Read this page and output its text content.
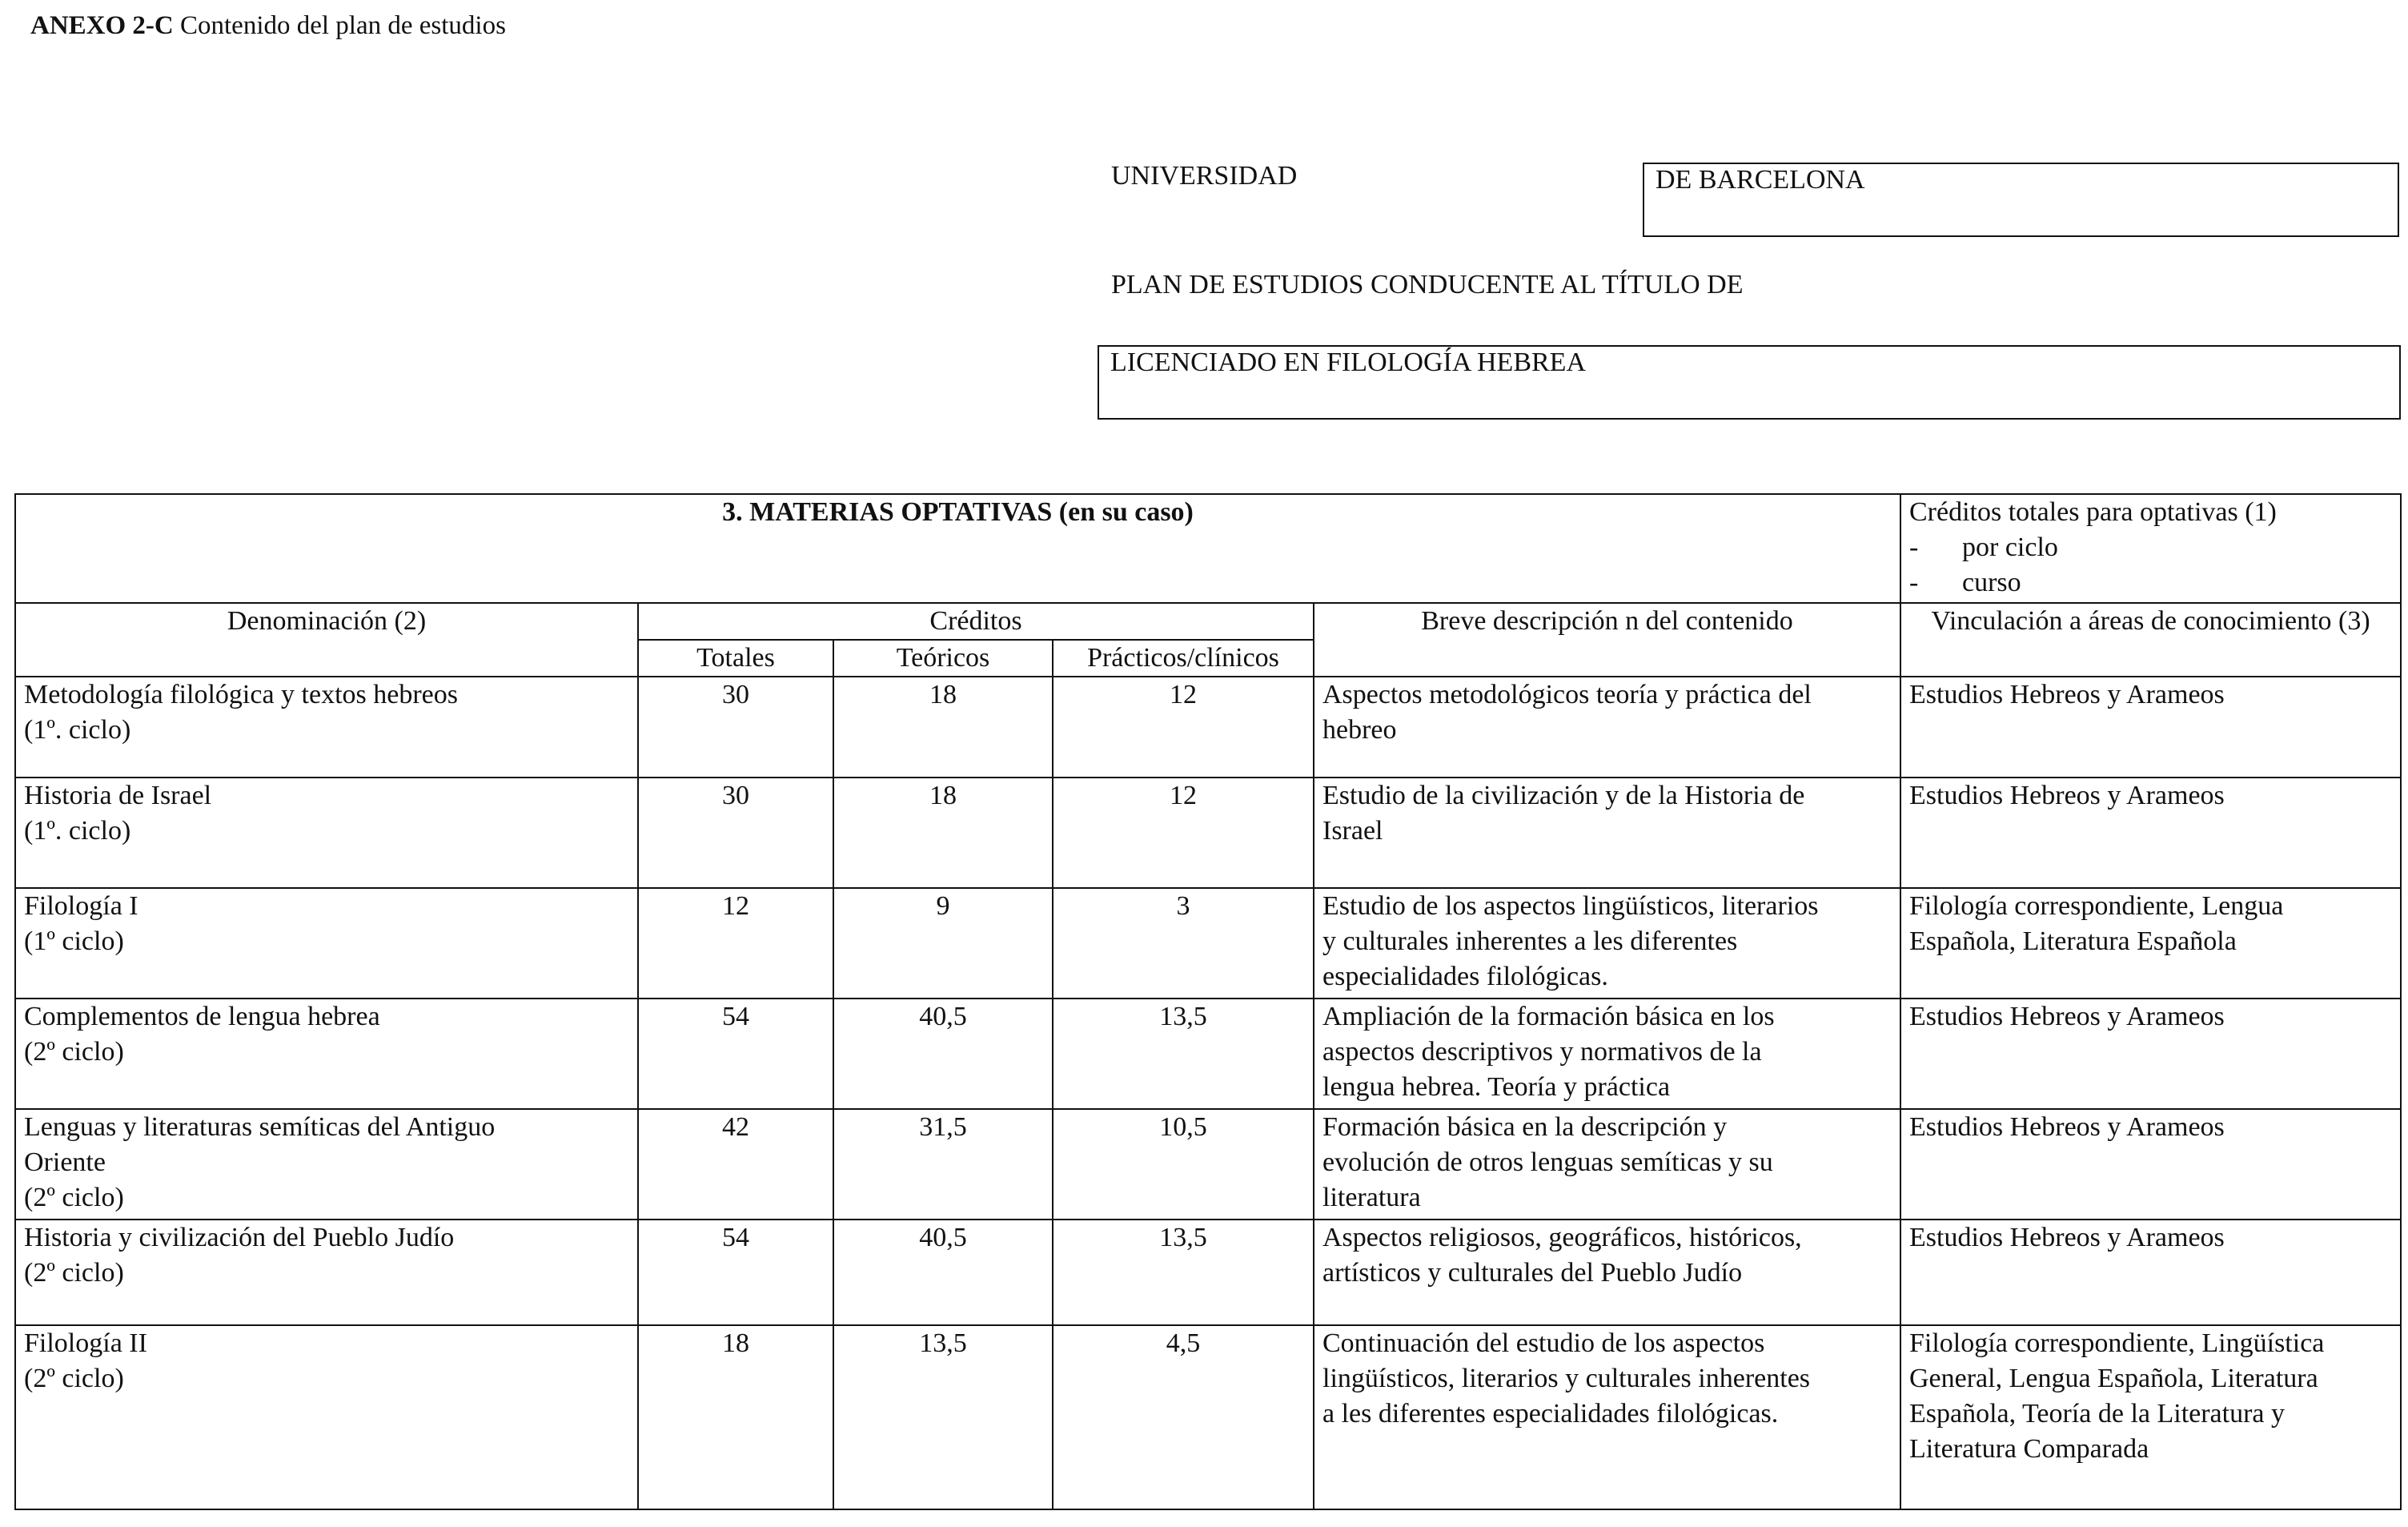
ANEXO 2-C Contenido del plan de estudios
UNIVERSIDAD	DE BARCELONA
PLAN DE ESTUDIOS CONDUCENTE AL TÍTULO DE
LICENCIADO EN FILOLOGÍA HEBREA
3. MATERIAS OPTATIVAS (en su caso)					Créditos totales para optativas (1)
- por ciclo
- curso

Denominación (2)	Créditos			Breve descripción n del contenido	Vinculación a áreas de conocimiento (3)
	Totales	Teóricos	Prácticos/clínicos		

Metodología filológica y textos hebreos
(1º. ciclo)	30	18	12	Aspectos metodológicos teoría y práctica del
hebreo	Estudios Hebreos y Arameos

Historia de Israel
(1º. ciclo)	30	18	12	Estudio de la civilización y de la Historia de
Israel	Estudios Hebreos y Arameos

Filología I
(1º ciclo)	12	9	3	Estudio de los aspectos lingüísticos, literarios
y culturales inherentes a les diferentes
especialidades filológicas.	Filología correspondiente, Lengua
Española, Literatura Española

Complementos de lengua hebrea
(2º ciclo)	54	40,5	13,5	Ampliación de la formación básica en los
aspectos descriptivos y normativos de la
lengua hebrea. Teoría y práctica	Estudios Hebreos y Arameos

Lenguas y literaturas semíticas del Antiguo
Oriente
(2º ciclo)	42	31,5	10,5	Formación básica en la descripción y
evolución de otros lenguas semíticas y su
literatura	Estudios Hebreos y Arameos

Historia y civilización del Pueblo Judío
(2º ciclo)	54	40,5	13,5	Aspectos religiosos, geográficos, históricos,
artísticos y culturales del Pueblo Judío	Estudios Hebreos y Arameos

Filología II
(2º ciclo)	18	13,5	4,5	Continuación del estudio de los aspectos
lingüísticos, literarios y culturales inherentes
a les diferentes especialidades filológicas.	Filología correspondiente, Lingüística
General, Lengua Española, Literatura
Española, Teoría de la Literatura y
Literatura Comparada
